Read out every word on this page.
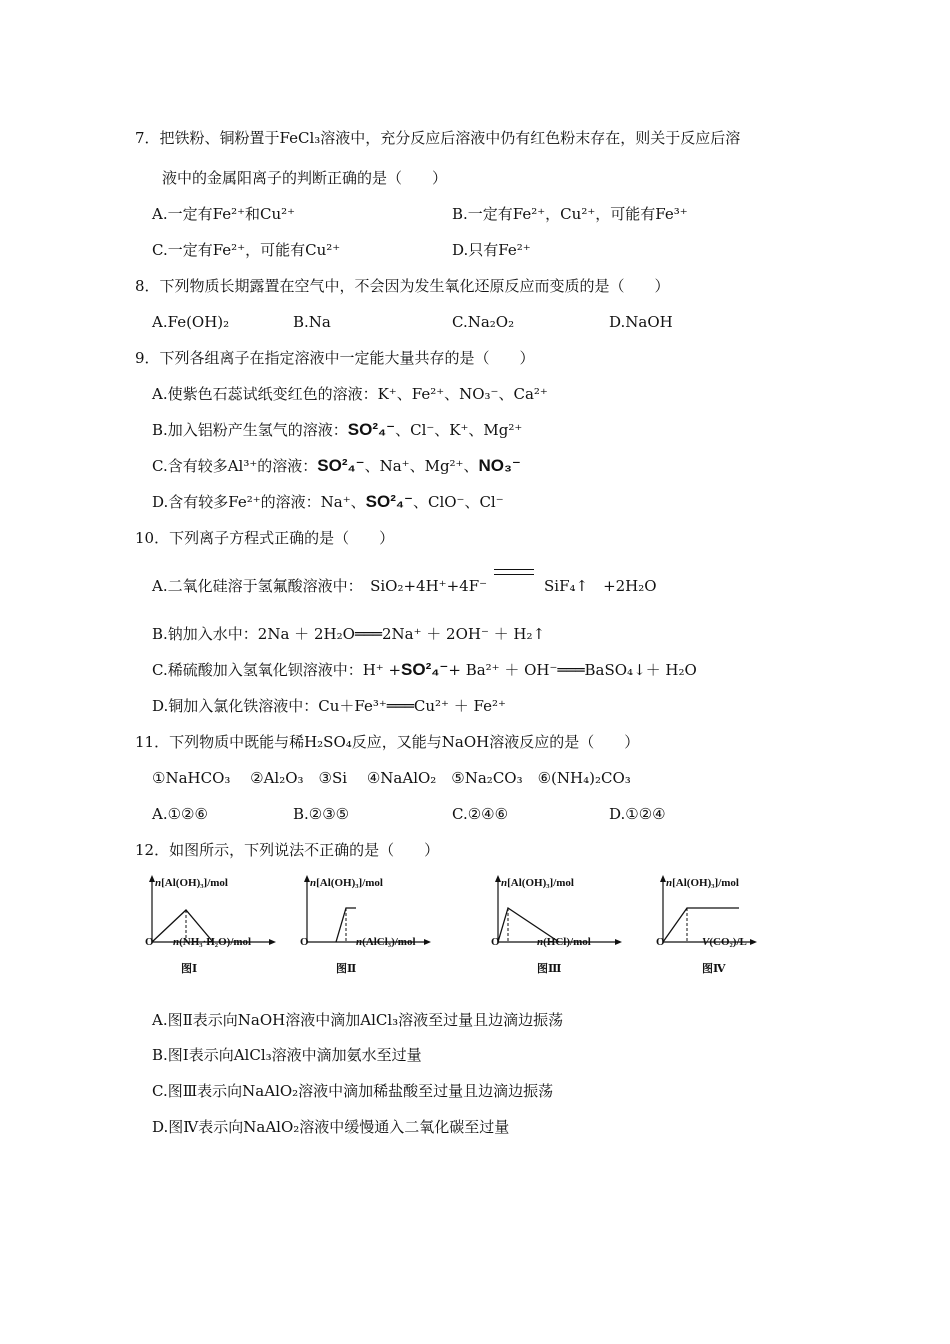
7．把铁粉、铜粉置于FeCl₃溶液中，充分反应后溶液中仍有红色粉末存在，则关于反应后溶
液中的金属阳离子的判断正确的是（　　）
A.一定有Fe²⁺和Cu²⁺	B.一定有Fe²⁺，Cu²⁺，可能有Fe³⁺
C.一定有Fe²⁺，可能有Cu²⁺	D.只有Fe²⁺
8．下列物质长期露置在空气中，不会因为发生氧化还原反应而变质的是（　　）
A.Fe(OH)₂	B.Na	C.Na₂O₂	D.NaOH
9．下列各组离子在指定溶液中一定能大量共存的是（　　）
A.使紫色石蕊试纸变红色的溶液：K⁺、Fe²⁺、NO₃⁻、Ca²⁺
B.加入铝粉产生氢气的溶液：SO²₄⁻、Cl⁻、K⁺、Mg²⁺
C.含有较多Al³⁺的溶液：SO²₄⁻、Na⁺、Mg²⁺、NO₃⁻
D.含有较多Fe²⁺的溶液：Na⁺、SO²₄⁻、ClO⁻、Cl⁻
10．下列离子方程式正确的是（　　）
A.二氧化硅溶于氢氟酸溶液中：　SiO₂+4H⁺+4F⁻	SiF₄↑　+2H₂O
B.钠加入水中：2Na ＋ 2H₂O═══2Na⁺ ＋ 2OH⁻ ＋ H₂↑
C.稀硫酸加入氢氧化钡溶液中：H⁺ +SO²₄⁻+ Ba²⁺ ＋ OH⁻═══BaSO₄↓＋ H₂O
D.铜加入氯化铁溶液中：Cu＋Fe³⁺═══Cu²⁺ ＋ Fe²⁺
11．下列物质中既能与稀H₂SO₄反应，又能与NaOH溶液反应的是（　　）
①NaHCO₃　 ②Al₂O₃　③Si　 ④NaAlO₂　⑤Na₂CO₃　⑥(NH₄)₂CO₃
A.①②⑥	B.②③⑤	C.②④⑥	D.①②④
12．如图所示，下列说法不正确的是（　　）
n[Al(OH)₃]/mol
O n(NH₃·H₂O)/mol
图Ⅰ
n[Al(OH)₃]/mol
O	n(AlCl₃)/mol
图Ⅱ
n[Al(OH)₃]/mol
O	n(HCl)/mol
图Ⅲ
n[Al(OH)₃]/mol
O	V(CO₂)/L
图Ⅳ
A.图Ⅱ表示向NaOH溶液中滴加AlCl₃溶液至过量且边滴边振荡
B.图Ⅰ表示向AlCl₃溶液中滴加氨水至过量
C.图Ⅲ表示向NaAlO₂溶液中滴加稀盐酸至过量且边滴边振荡
D.图Ⅳ表示向NaAlO₂溶液中缓慢通入二氧化碳至过量
